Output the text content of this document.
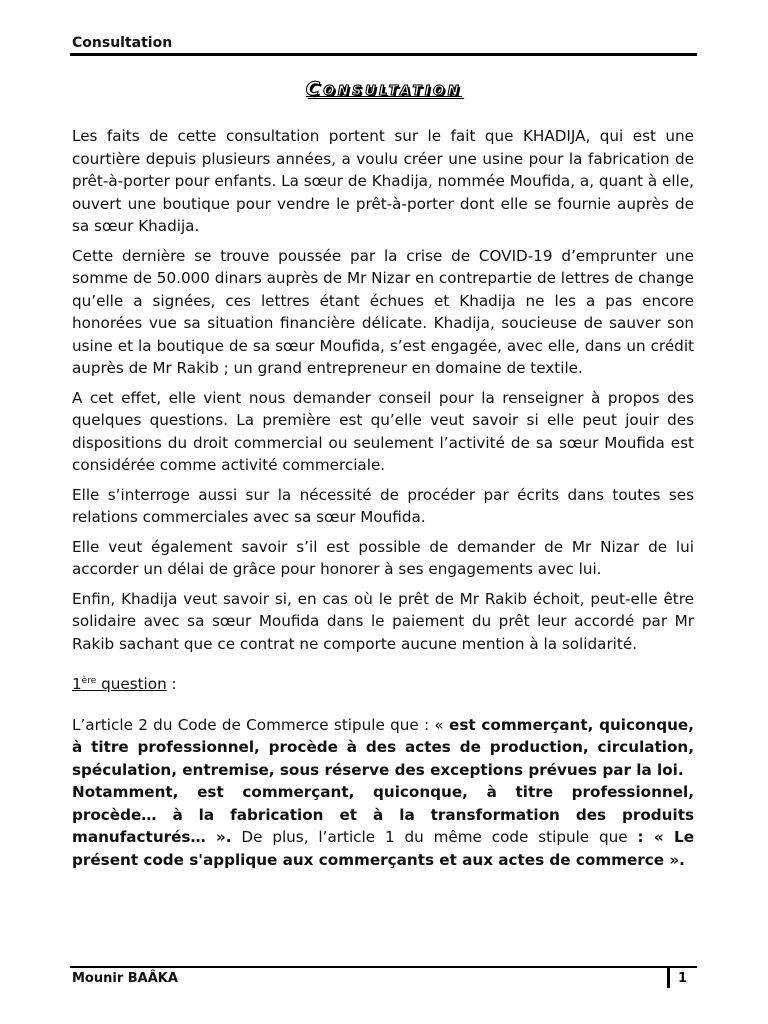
Consultation
Consultation

Les faits de cette consultation portent sur le fait que KHADIJA, qui est une courtière depuis plusieurs années, a voulu créer une usine pour la fabrication de prêt-à-porter pour enfants. La sœur de Khadija, nommée Moufida, a, quant à elle, ouvert une boutique pour vendre le prêt-à-porter dont elle se fournie auprès de sa sœur Khadija.

Cette dernière se trouve poussée par la crise de COVID-19 d’emprunter une somme de 50.000 dinars auprès de Mr Nizar en contrepartie de lettres de change qu’elle a signées, ces lettres étant échues et Khadija ne les a pas encore honorées vue sa situation financière délicate. Khadija, soucieuse de sauver son usine et la boutique de sa sœur Moufida, s’est engagée, avec elle, dans un crédit auprès de Mr Rakib ; un grand entrepreneur en domaine de textile.

A cet effet, elle vient nous demander conseil pour la renseigner à propos des quelques questions. La première est qu’elle veut savoir si elle peut jouir des dispositions du droit commercial ou seulement l’activité de sa sœur Moufida est considérée comme activité commerciale.

Elle s’interroge aussi sur la nécessité de procéder par écrits dans toutes ses relations commerciales avec sa sœur Moufida.

Elle veut également savoir s’il est possible de demander de Mr Nizar de lui accorder un délai de grâce pour honorer à ses engagements avec lui.

Enfin, Khadija veut savoir si, en cas où le prêt de Mr Rakib échoit, peut-elle être solidaire avec sa sœur Moufida dans le paiement du prêt leur accordé par Mr Rakib sachant que ce contrat ne comporte aucune mention à la solidarité.

1ère question :

L’article 2 du Code de Commerce stipule que : « est commerçant, quiconque, à titre professionnel, procède à des actes de production, circulation, spéculation, entremise, sous réserve des exceptions prévues par la loi.
Notamment, est commerçant, quiconque, à titre professionnel, procède… à la fabrication et à la transformation des produits manufacturés… ». De plus, l’article 1 du même code stipule que : « Le présent code s'applique aux commerçants et aux actes de commerce ».

Mounir BAÂKA	1
